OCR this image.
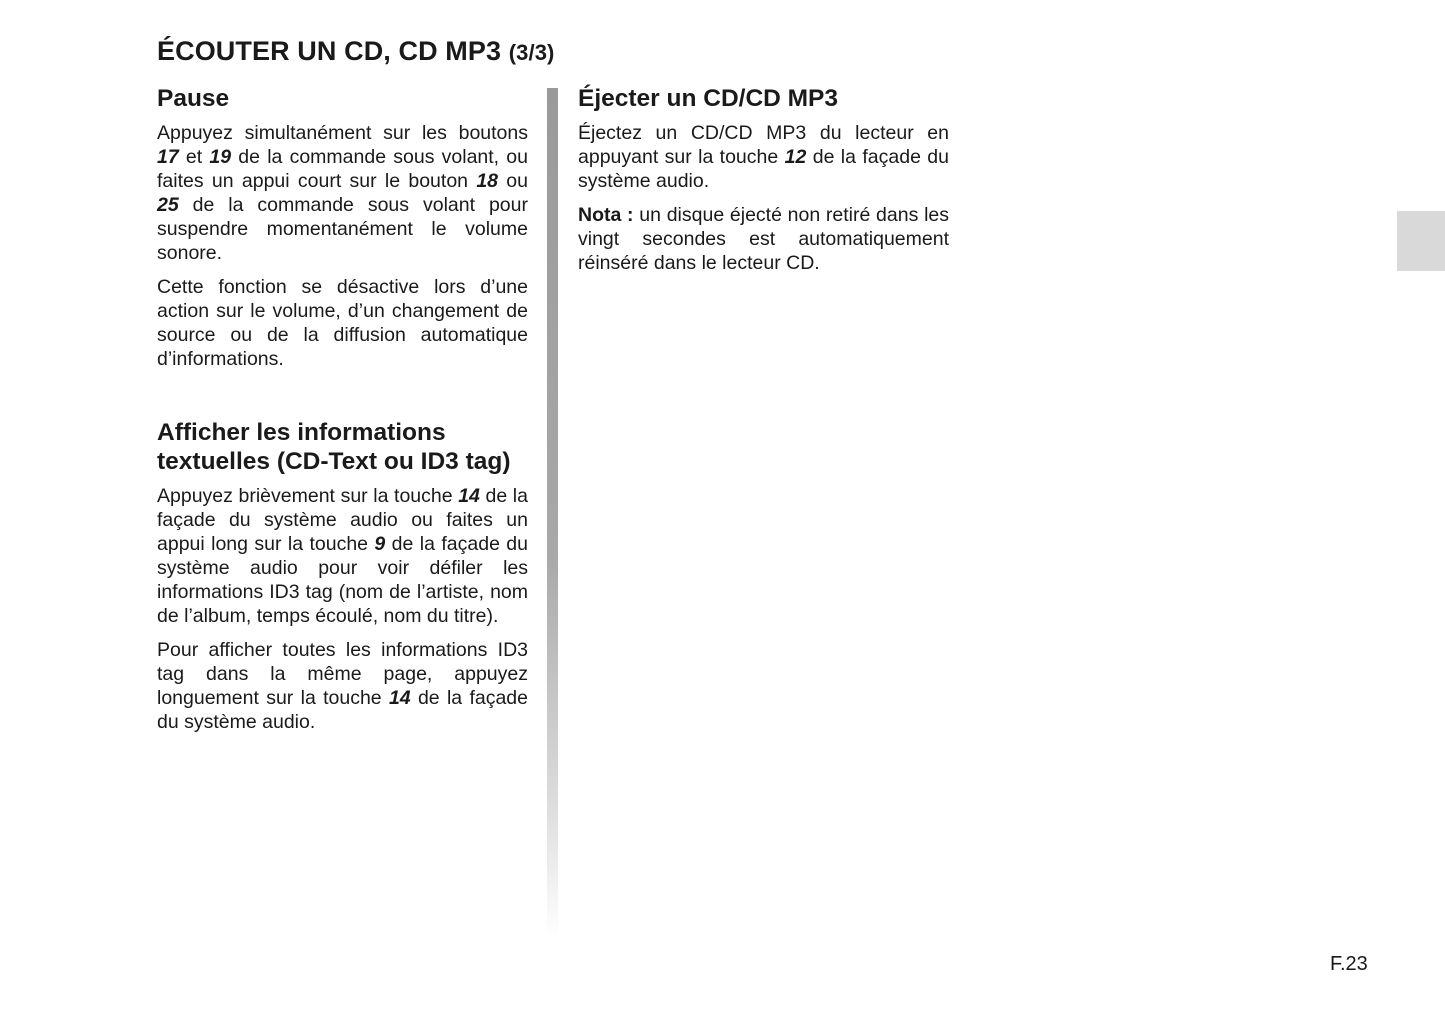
ÉCOUTER UN CD, CD MP3 (3/3)
Pause

Appuyez simultanément sur les boutons 17 et 19 de la commande sous volant, ou faites un appui court sur le bouton 18 ou 25 de la commande sous volant pour suspendre momentanément le volume sonore.

Cette fonction se désactive lors d’une action sur le volume, d’un changement de source ou de la diffusion automatique d’informations.

Afficher les informations textuelles (CD-Text ou ID3 tag)

Appuyez brièvement sur la touche 14 de la façade du système audio ou faites un appui long sur la touche 9 de la façade du système audio pour voir défiler les informations ID3 tag (nom de l’artiste, nom de l’album, temps écoulé, nom du titre).

Pour afficher toutes les informations ID3 tag dans la même page, appuyez longuement sur la touche 14 de la façade du système audio.

Éjecter un CD/CD MP3

Éjectez un CD/CD MP3 du lecteur en appuyant sur la touche 12 de la façade du système audio.

Nota : un disque éjecté non retiré dans les vingt secondes est automatiquement réinséré dans le lecteur CD.

F.23
